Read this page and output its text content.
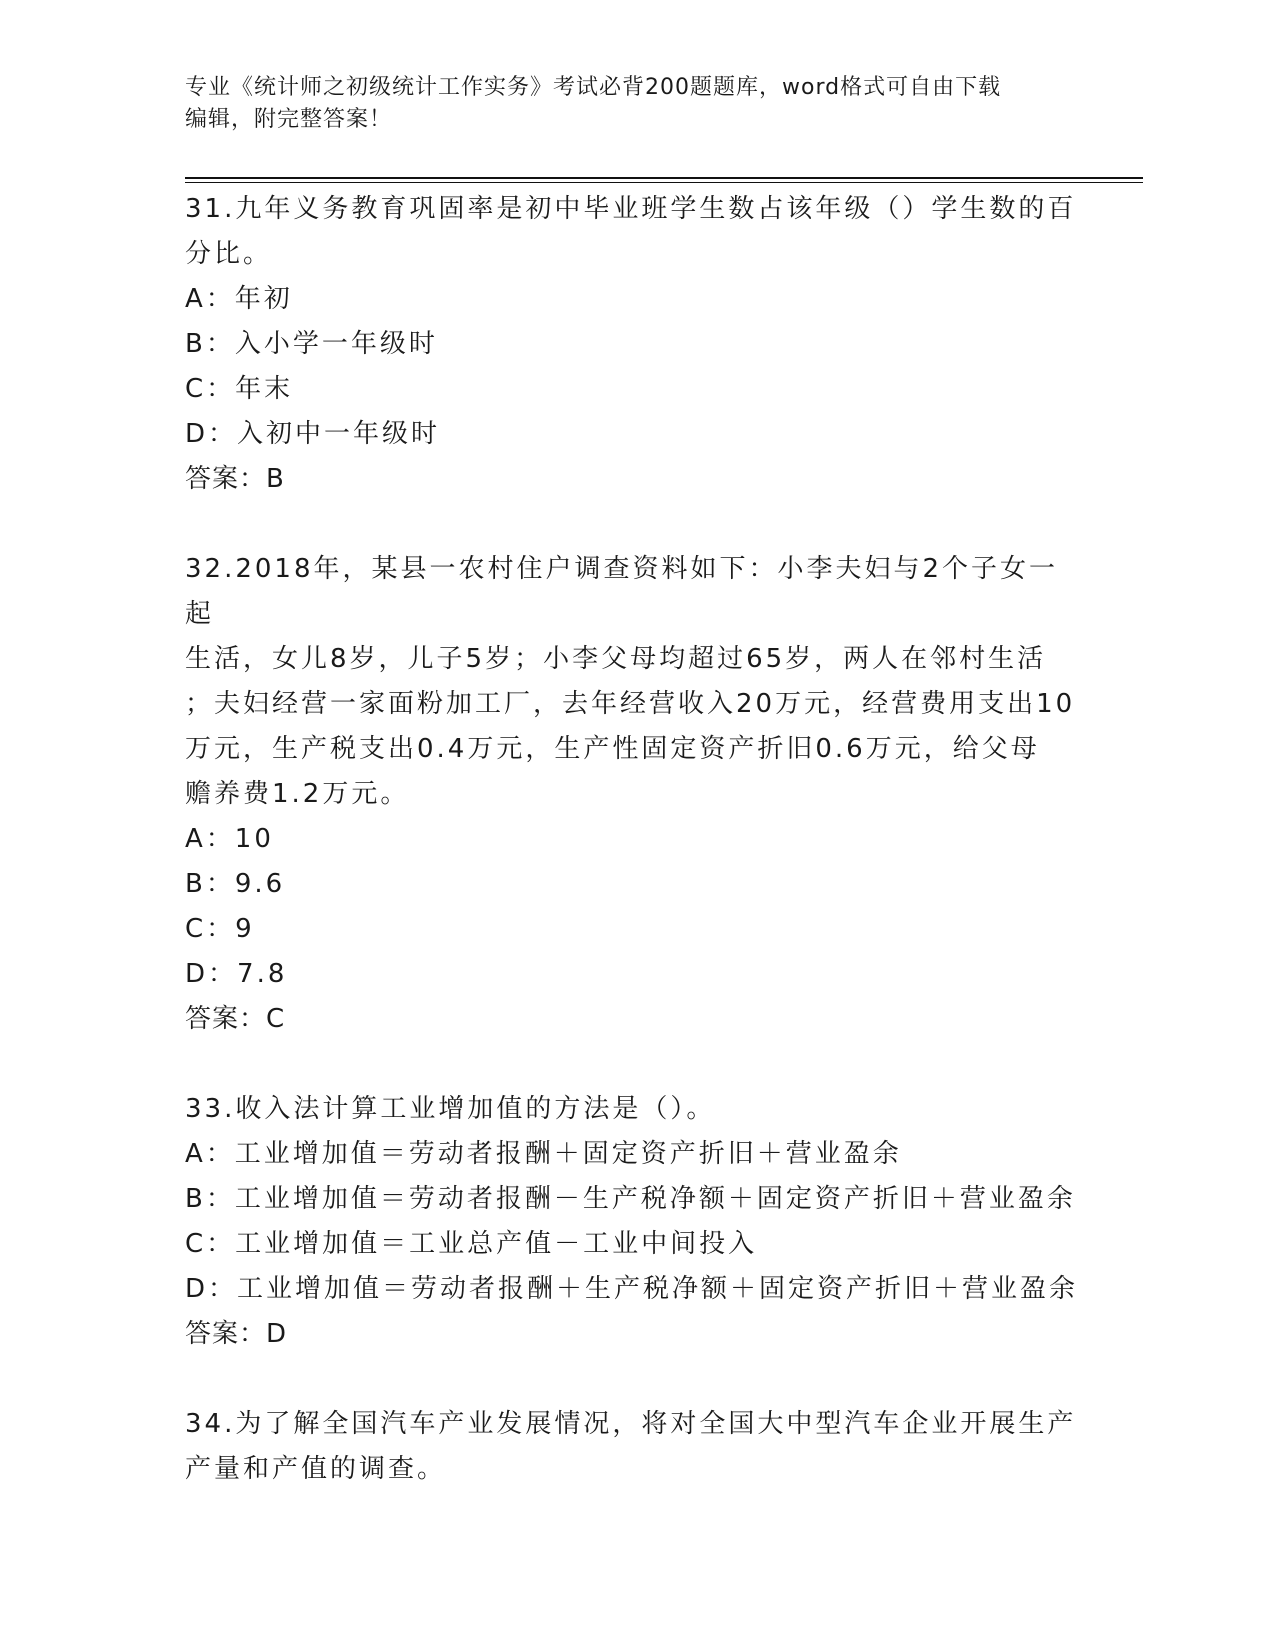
专业《统计师之初级统计工作实务》考试必背200题题库，word格式可自由下载
编辑，附完整答案！

31.九年义务教育巩固率是初中毕业班学生数占该年级（）学生数的百

分比。

A：年初

B：入小学一年级时

C：年末

D：入初中一年级时

答案：B

32.2018年，某县一农村住户调查资料如下：小李夫妇与2个子女一起

生活，女儿8岁，儿子5岁；小李父母均超过65岁，两人在邻村生活

；夫妇经营一家面粉加工厂，去年经营收入20万元，经营费用支出10

万元，生产税支出0.4万元，生产性固定资产折旧0.6万元，给父母

赡养费1.2万元。

A：10

B：9.6

C：9

D：7.8

答案：C

33.收入法计算工业增加值的方法是（）。

A：工业增加值＝劳动者报酬＋固定资产折旧＋营业盈余

B：工业增加值＝劳动者报酬－生产税净额＋固定资产折旧＋营业盈余

C：工业增加值＝工业总产值－工业中间投入

D：工业增加值＝劳动者报酬＋生产税净额＋固定资产折旧＋营业盈余

答案：D

34.为了解全国汽车产业发展情况，将对全国大中型汽车企业开展生产

产量和产值的调查。
